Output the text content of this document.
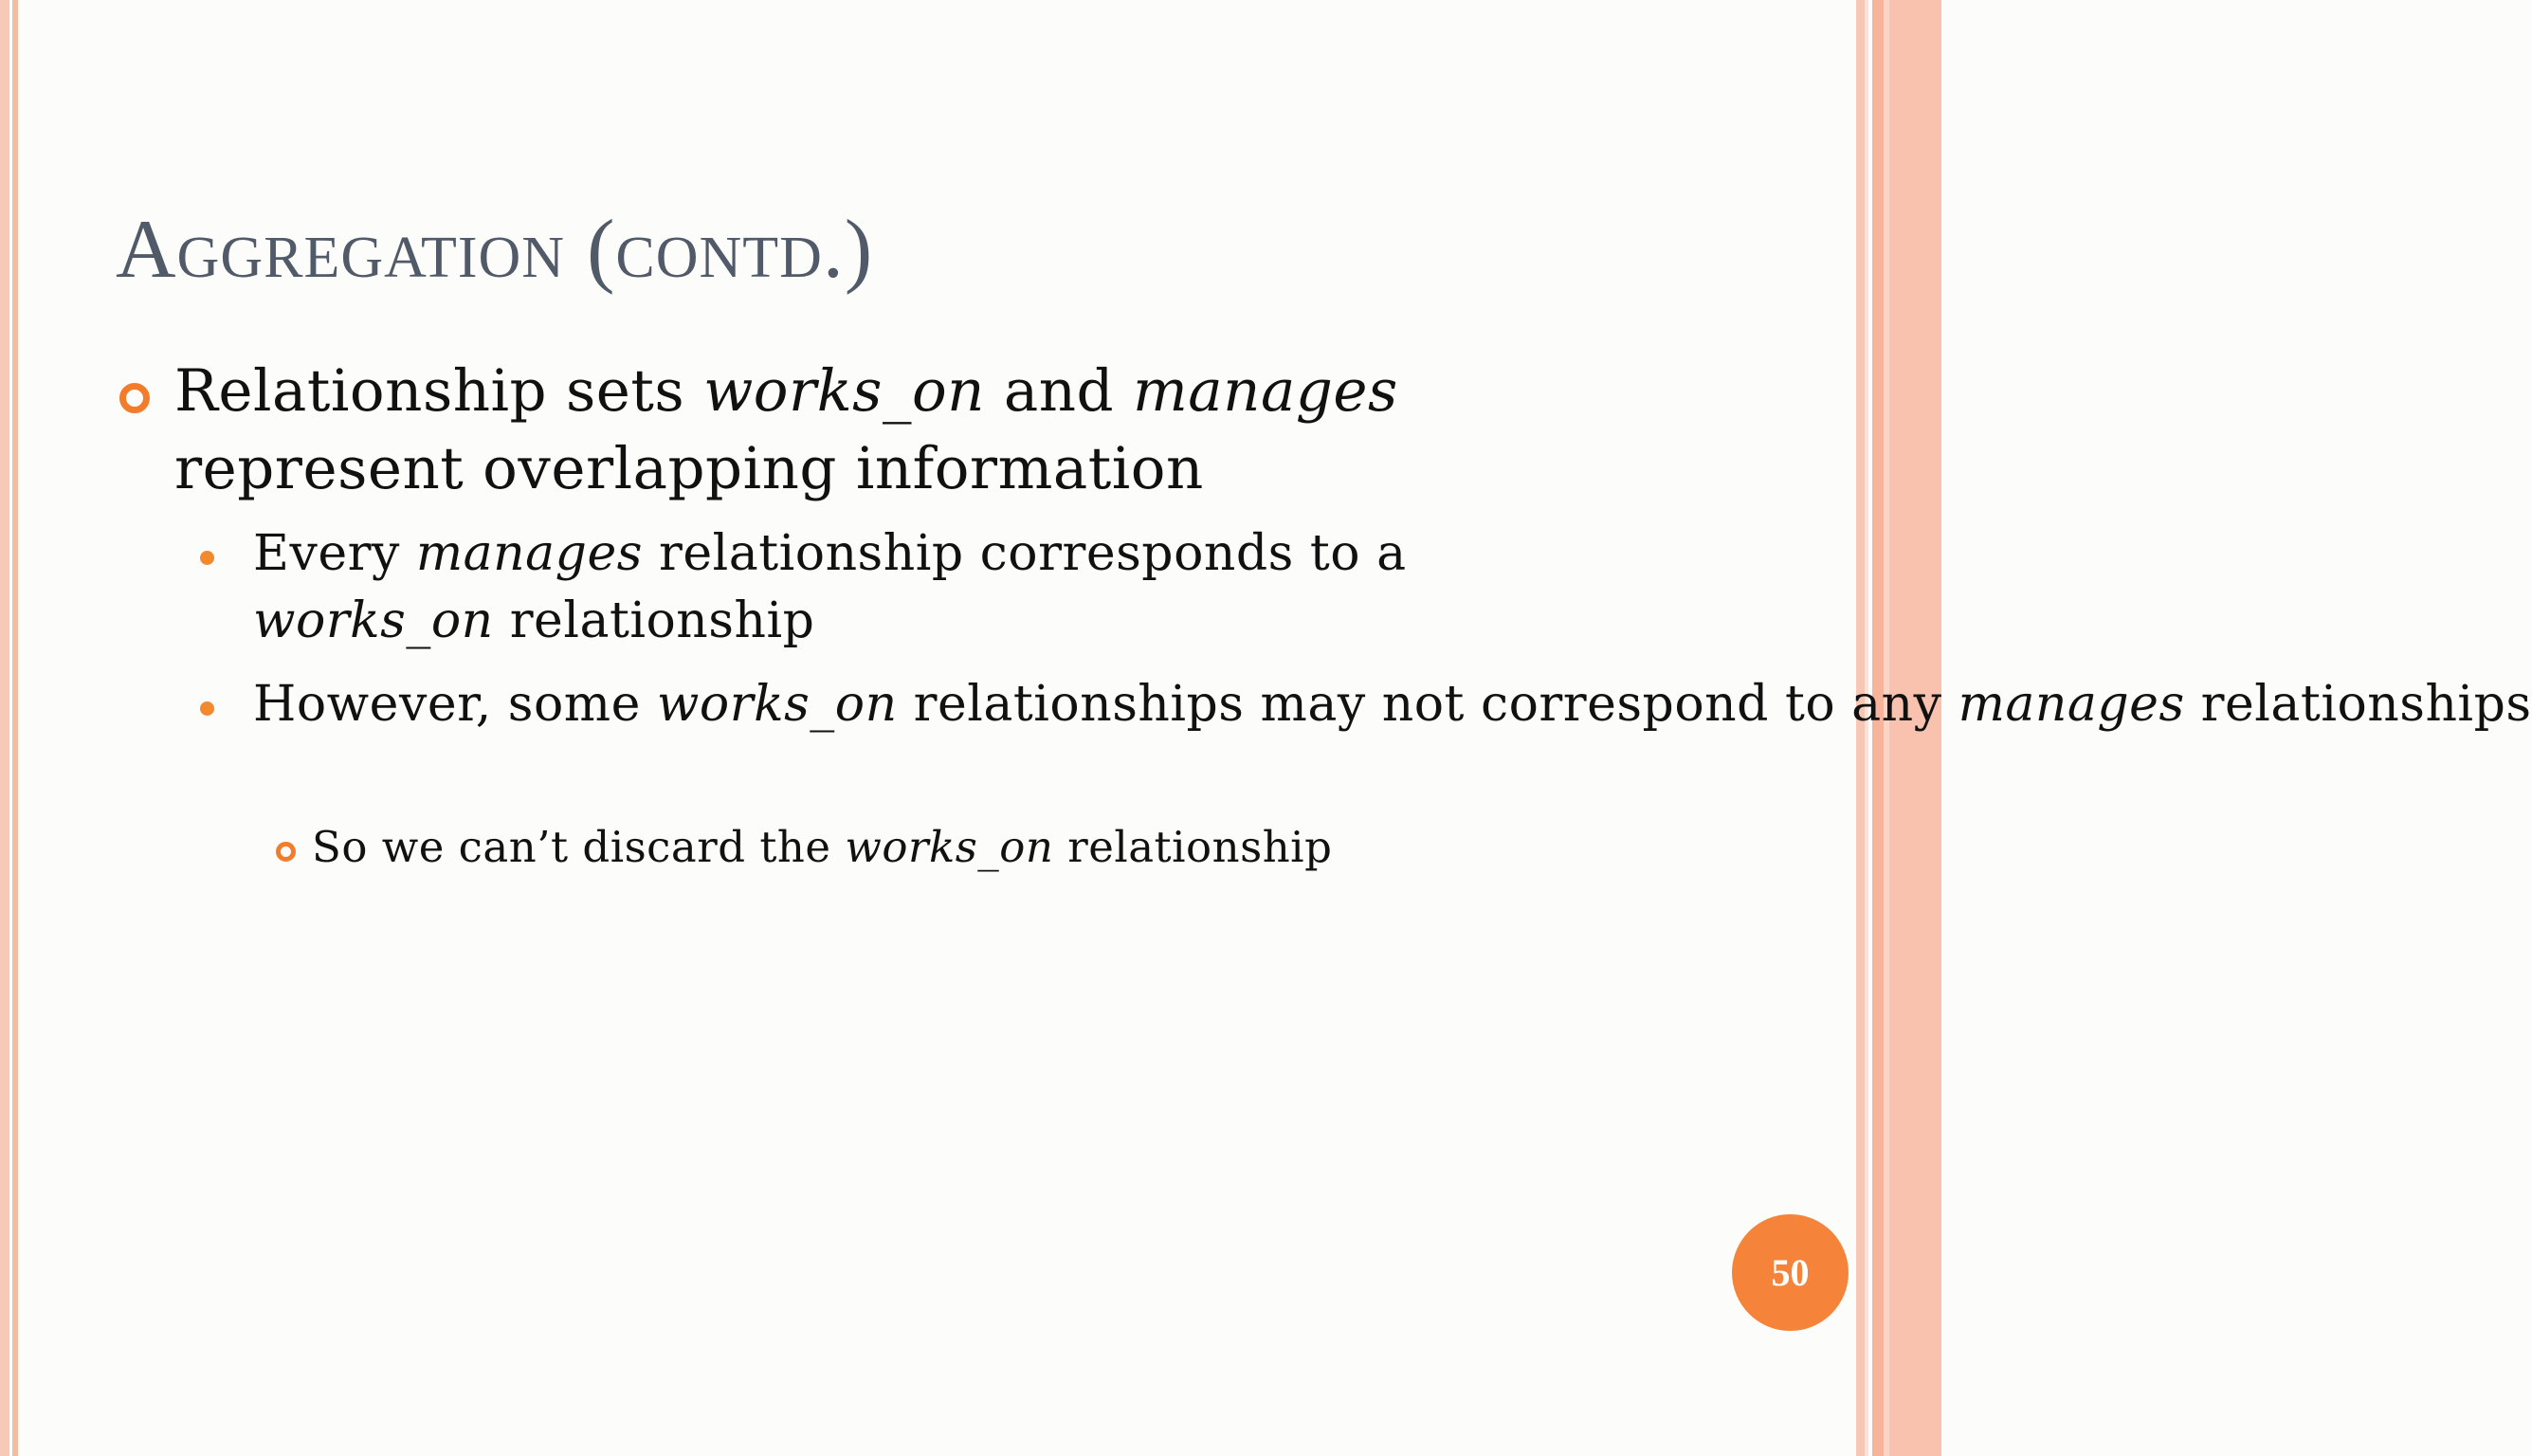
Aggregation (contd.)
Relationship sets works_on and manages
represent overlapping information
Every manages relationship corresponds to a
works_on relationship
However, some works_on relationships may not correspond to any manages relationships
So we can’t discard the works_on relationship
50
